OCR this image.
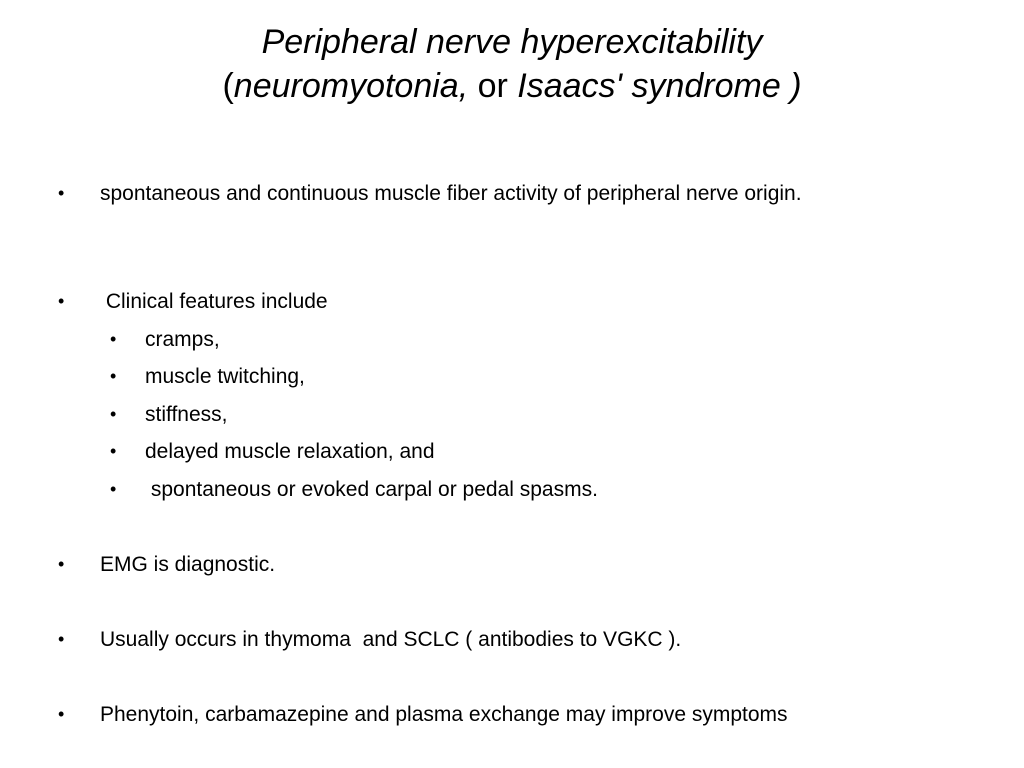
Peripheral nerve hyperexcitability
(neuromyotonia, or Isaacs' syndrome )
•	spontaneous and continuous muscle fiber activity of peripheral nerve origin.
•	Clinical features include
•	cramps,
•	muscle twitching,
•	stiffness,
•	delayed muscle relaxation, and
•	spontaneous or evoked carpal or pedal spasms.
•	EMG is diagnostic.
•	Usually occurs in thymoma  and SCLC ( antibodies to VGKC ).
•	Phenytoin, carbamazepine and plasma exchange may improve symptoms
